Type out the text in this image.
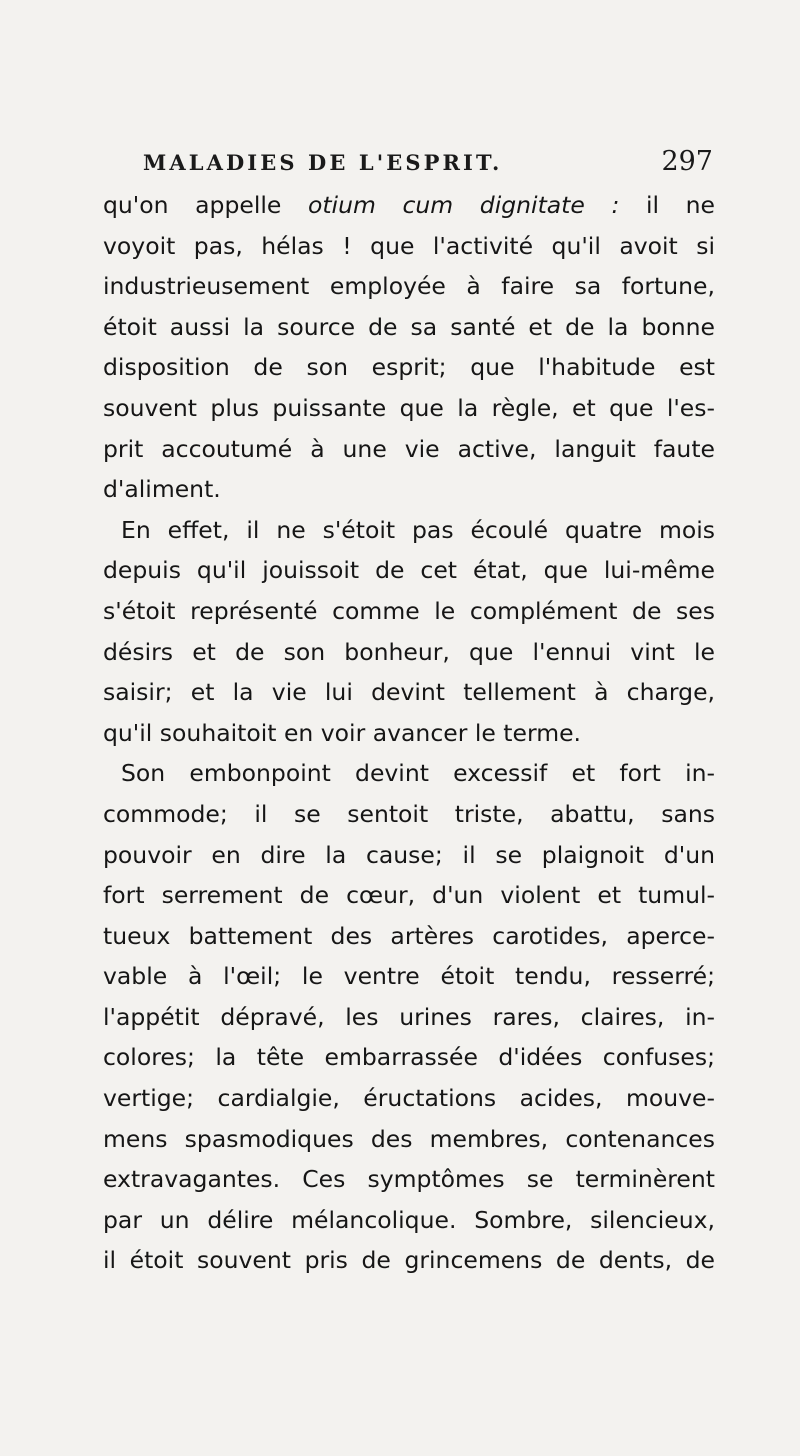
MALADIES DE L'ESPRIT.	297
qu'on appelle otium cum dignitate : il ne
voyoit pas, hélas ! que l'activité qu'il avoit si
industrieusement employée à faire sa fortune,
étoit aussi la source de sa santé et de la bonne
disposition de son esprit; que l'habitude est
souvent plus puissante que la règle, et que l'es-
prit accoutumé à une vie active, languit faute
d'aliment.
En effet, il ne s'étoit pas écoulé quatre mois
depuis qu'il jouissoit de cet état, que lui-même
s'étoit représenté comme le complément de ses
désirs et de son bonheur, que l'ennui vint le
saisir; et la vie lui devint tellement à charge,
qu'il souhaitoit en voir avancer le terme.
Son embonpoint devint excessif et fort in-
commode; il se sentoit triste, abattu, sans
pouvoir en dire la cause; il se plaignoit d'un
fort serrement de cœur, d'un violent et tumul-
tueux battement des artères carotides, aperce-
vable à l'œil; le ventre étoit tendu, resserré;
l'appétit dépravé, les urines rares, claires, in-
colores; la tête embarrassée d'idées confuses;
vertige; cardialgie, éructations acides, mouve-
mens spasmodiques des membres, contenances
extravagantes. Ces symptômes se terminèrent
par un délire mélancolique. Sombre, silencieux,
il étoit souvent pris de grincemens de dents, de
